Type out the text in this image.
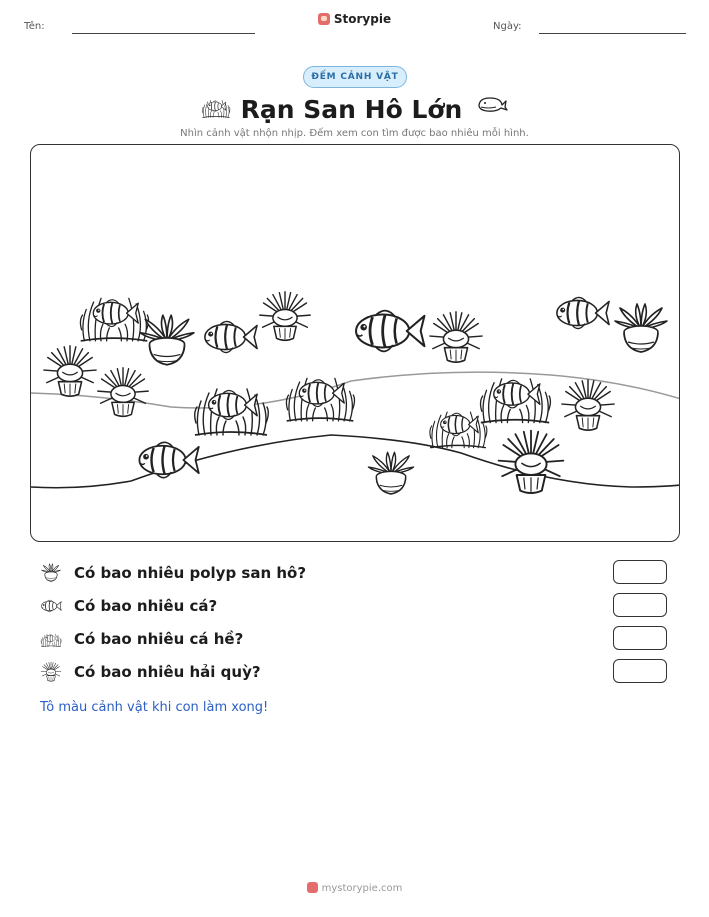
Tên:
Storypie
Ngày:
ĐẾM CẢNH VẬT
Rạn San Hô Lớn
Nhìn cảnh vật nhộn nhịp. Đếm xem con tìm được bao nhiêu mỗi hình.
Có bao nhiêu polyp san hô?
Có bao nhiêu cá?
Có bao nhiêu cá hề?
Có bao nhiêu hải quỳ?
Tô màu cảnh vật khi con làm xong!
mystorypie.com
